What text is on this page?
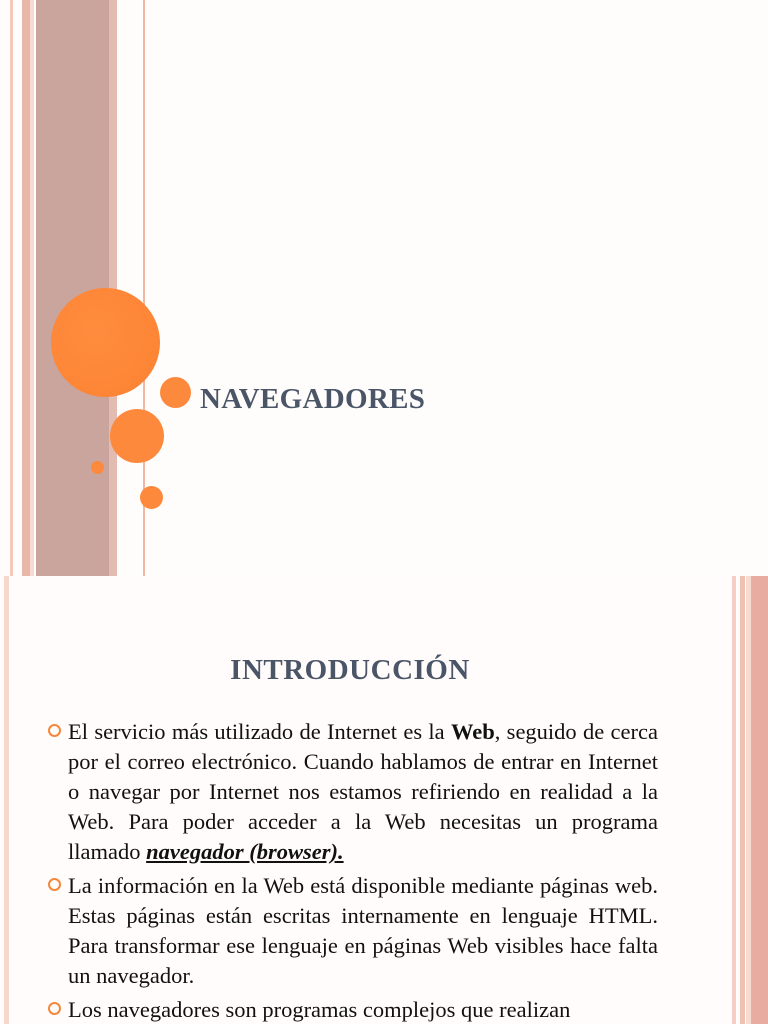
NAVEGADORES
INTRODUCCIÓN
El servicio más utilizado de Internet es la Web, seguido de cerca por el correo electrónico. Cuando hablamos de entrar en Internet o navegar por Internet nos estamos refiriendo en realidad a la Web. Para poder acceder a la Web necesitas un programa llamado navegador (browser).
La información en la Web está disponible mediante páginas web. Estas páginas están escritas internamente en lenguaje HTML. Para transformar ese lenguaje en páginas Web visibles hace falta un navegador.
Los navegadores son programas complejos que realizan
